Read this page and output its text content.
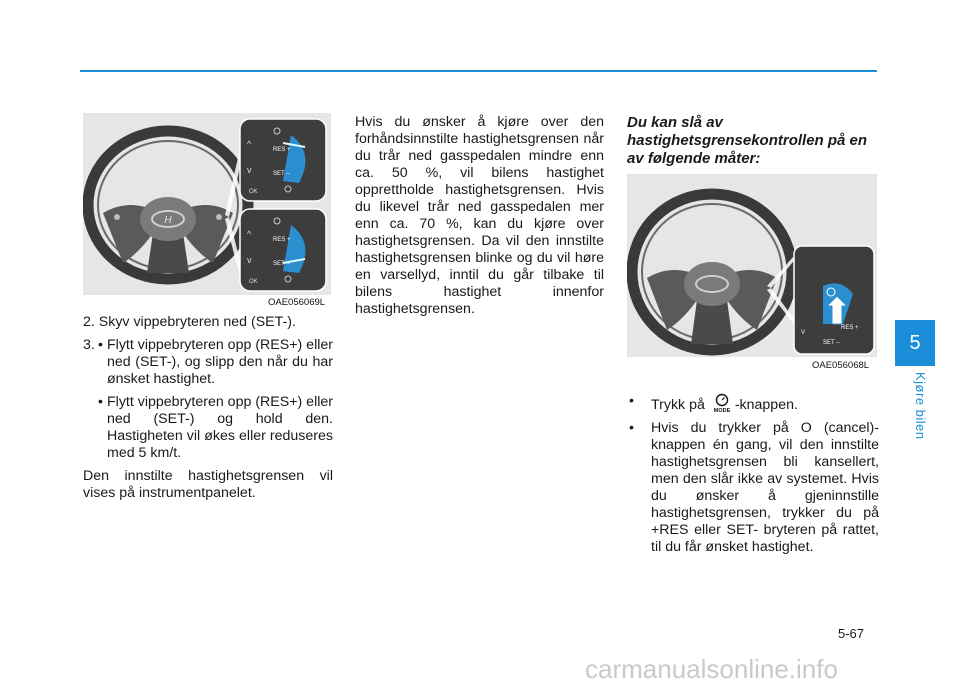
5
Kjøre bilen
H
^
v
^
v
RES +
SET –
OK
RES +
SET –
OK
OAE056069L

2. Skyv vippebryteren ned (SET-).

3. • Flytt vippebryteren opp (RES+) eller ned (SET-), og slipp den når du har ønsket hastighet.
• Flytt vippebryteren opp (RES+) eller ned (SET-) og hold den. Hastigheten vil økes eller reduseres med 5 km/t.

Den innstilte hastighetsgrensen vil vises på instrumentpanelet.

Hvis du ønsker å kjøre over den forhåndsinnstilte hastighetsgrensen når du trår ned gasspedalen mindre enn ca. 50 %, vil bilens hastighet opprettholde hastighetsgrensen. Hvis du likevel trår ned gasspedalen mer enn ca. 70 %, kan du kjøre over hastighetsgrensen. Da vil den innstilte hastighetsgrensen blinke og du vil høre en varsellyd, inntil du går tilbake til bilens hastighet innenfor hastighetsgrensen.

Du kan slå av hastighetsgrensekontrollen på en av følgende måter:

RES +
SET –
v
OAE056068L
• Trykk på MODE -knappen.
• Hvis du trykker på O (cancel)-knappen én gang, vil den innstilte hastighetsgrensen bli kansellert, men den slår ikke av systemet. Hvis du ønsker å gjeninnstille hastighetsgrensen, trykker du på +RES eller SET- bryteren på rattet, til du får ønsket hastighet.
5-67
carmanualsonline.info
